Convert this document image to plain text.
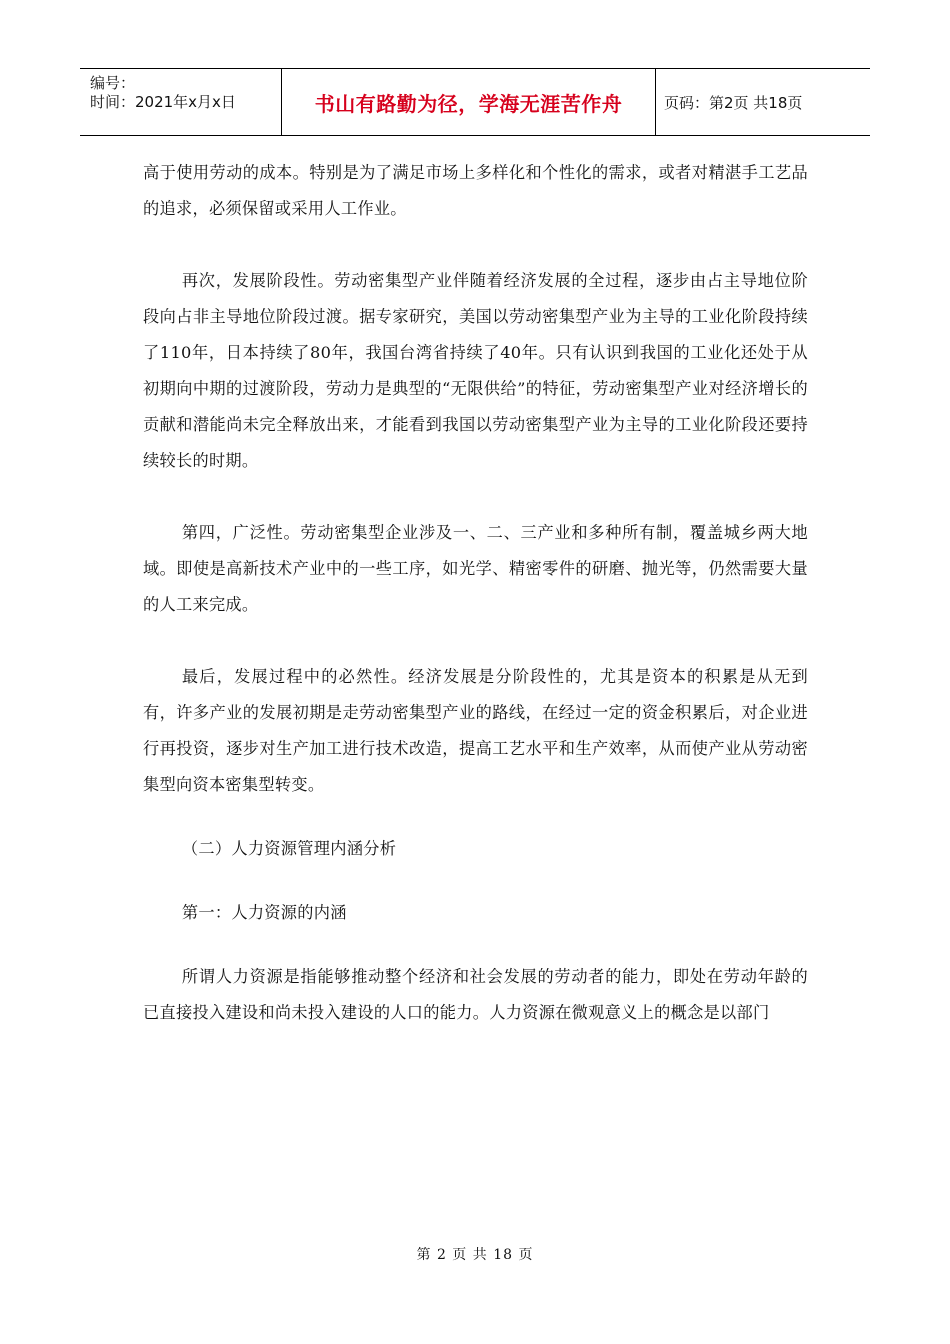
编号：
时间：2021年x月x日	书山有路勤为径，学海无涯苦作舟	页码：第2页 共18页

高于使用劳动的成本。特别是为了满足市场上多样化和个性化的需求，或者对精湛手工艺品的追求，必须保留或采用人工作业。

再次，发展阶段性。劳动密集型产业伴随着经济发展的全过程，逐步由占主导地位阶段向占非主导地位阶段过渡。据专家研究，美国以劳动密集型产业为主导的工业化阶段持续了110年，日本持续了80年，我国台湾省持续了40年。只有认识到我国的工业化还处于从初期向中期的过渡阶段，劳动力是典型的“无限供给”的特征，劳动密集型产业对经济增长的贡献和潜能尚未完全释放出来，才能看到我国以劳动密集型产业为主导的工业化阶段还要持续较长的时期。

第四，广泛性。劳动密集型企业涉及一、二、三产业和多种所有制，覆盖城乡两大地域。即使是高新技术产业中的一些工序，如光学、精密零件的研磨、抛光等，仍然需要大量的人工来完成。

最后，发展过程中的必然性。经济发展是分阶段性的，尤其是资本的积累是从无到有，许多产业的发展初期是走劳动密集型产业的路线，在经过一定的资金积累后，对企业进行再投资，逐步对生产加工进行技术改造，提高工艺水平和生产效率，从而使产业从劳动密集型向资本密集型转变。

（二）人力资源管理内涵分析

第一：人力资源的内涵

所谓人力资源是指能够推动整个经济和社会发展的劳动者的能力，即处在劳动年龄的已直接投入建设和尚未投入建设的人口的能力。人力资源在微观意义上的概念是以部门

第 2 页 共 18 页
